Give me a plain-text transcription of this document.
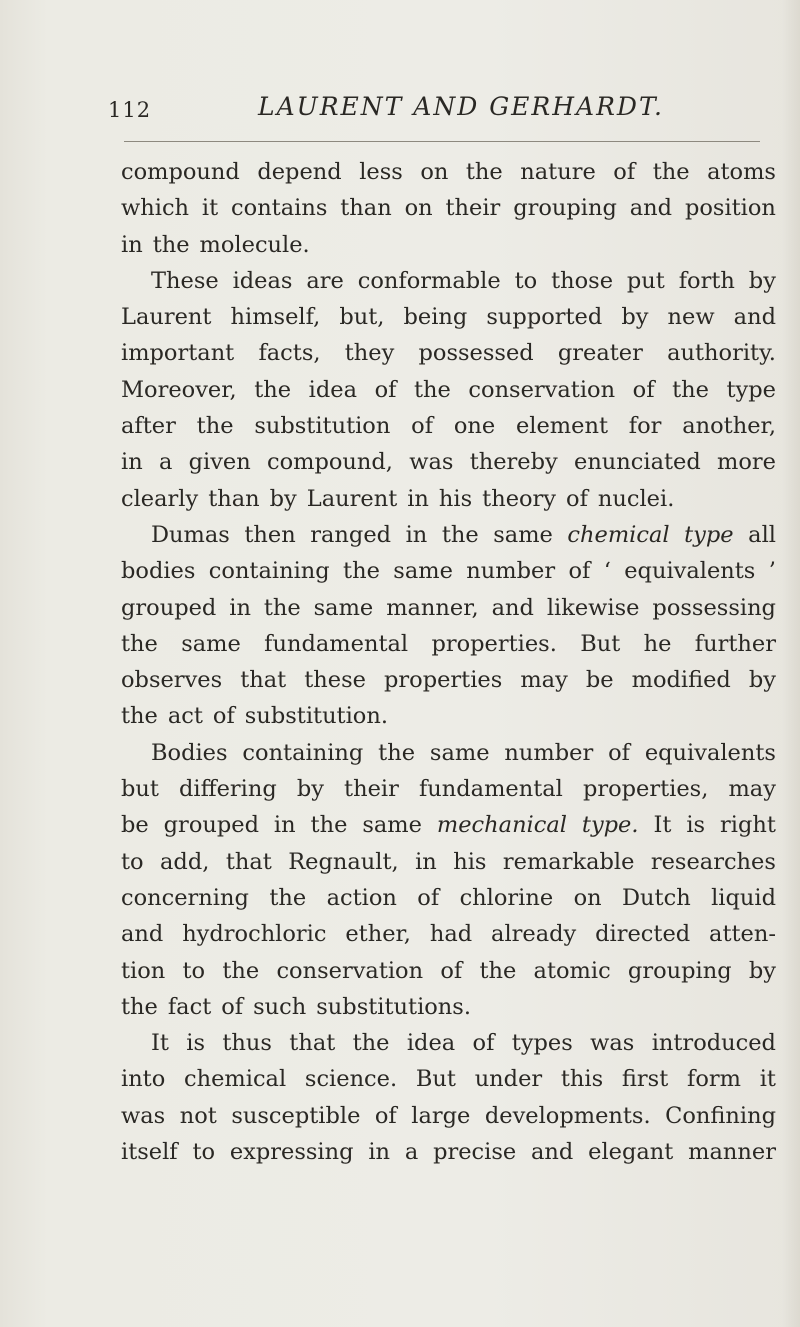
112	LAURENT AND GERHARDT.
compound depend less on the nature of the atoms
which it contains than on their grouping and position
in the molecule.
These ideas are conformable to those put forth by
Laurent himself, but, being supported by new and
important facts, they possessed greater authority.
Moreover, the idea of the conservation of the type
after the substitution of one element for another,
in a given compound, was thereby enunciated more
clearly than by Laurent in his theory of nuclei.
Dumas then ranged in the same chemical type all
bodies containing the same number of ‘ equivalents ’
grouped in the same manner, and likewise possessing
the same fundamental properties. But he further
observes that these properties may be modified by
the act of substitution.
Bodies containing the same number of equivalents
but differing by their fundamental properties, may
be grouped in the same mechanical type. It is right
to add, that Regnault, in his remarkable researches
concerning the action of chlorine on Dutch liquid
and hydrochloric ether, had already directed atten-
tion to the conservation of the atomic grouping by
the fact of such substitutions.
It is thus that the idea of types was introduced
into chemical science. But under this first form it
was not susceptible of large developments. Confining
itself to expressing in a precise and elegant manner
